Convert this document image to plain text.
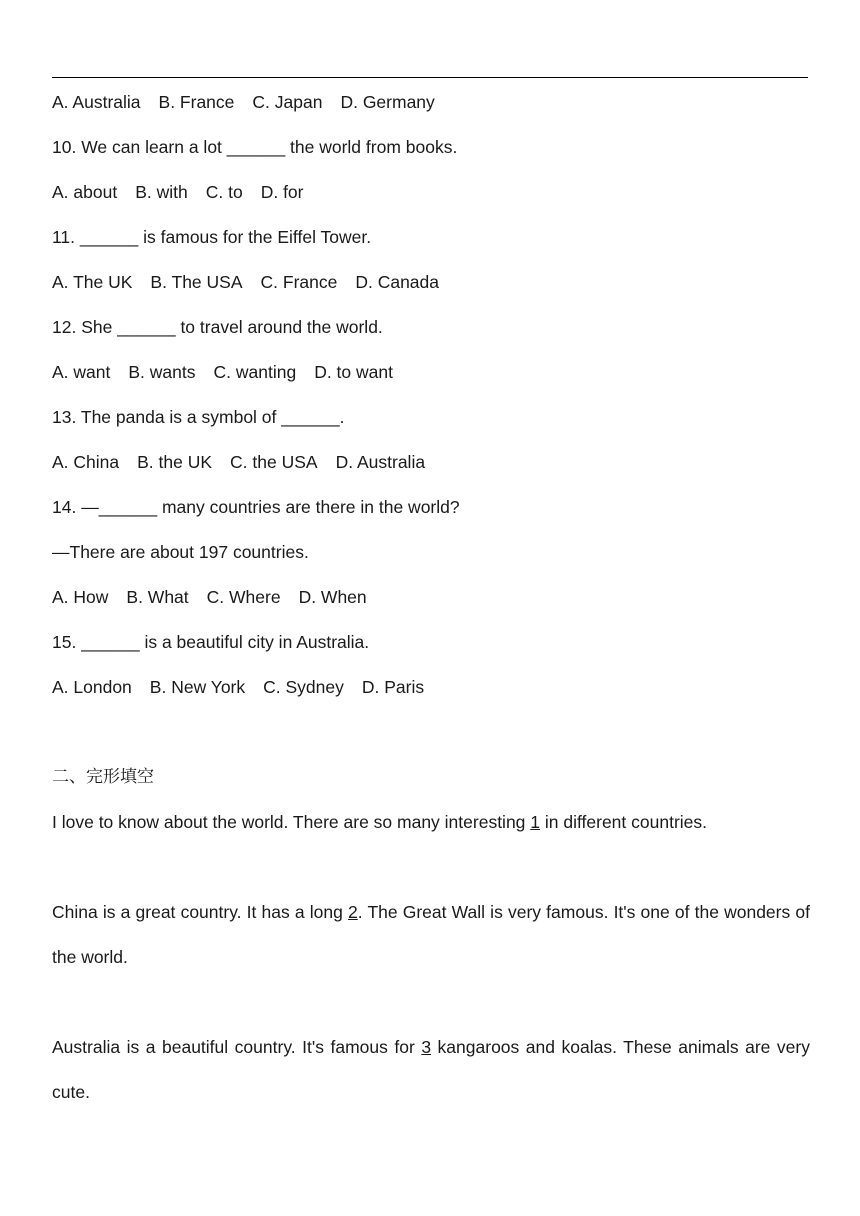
A. Australia B. France C. Japan D. Germany
10. We can learn a lot ______ the world from books.
A. about B. with C. to D. for
11. ______ is famous for the Eiffel Tower.
A. The UK B. The USA C. France D. Canada
12. She ______ to travel around the world.
A. want B. wants C. wanting D. to want
13. The panda is a symbol of ______.
A. China B. the UK C. the USA D. Australia
14. —______ many countries are there in the world?
—There are about 197 countries.
A. How B. What C. Where D. When
15. ______ is a beautiful city in Australia.
A. London B. New York C. Sydney D. Paris
二、完形填空
I love to know about the world. There are so many interesting 1 in different countries.
China is a great country. It has a long 2. The Great Wall is very famous. It's one of the wonders of the world.
Australia is a beautiful country. It's famous for 3 kangaroos and koalas. These animals are very cute.
